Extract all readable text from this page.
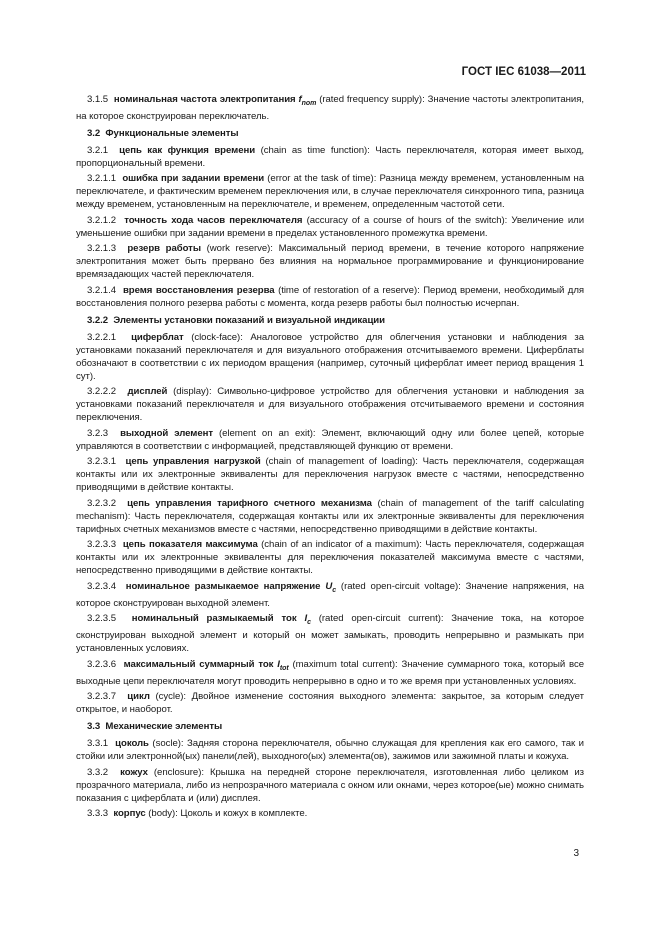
ГОСТ IEC 61038—2011

3.1.5 номинальная частота электропитания $f_{nom}$ (rated frequency supply): Значение частоты электропитания, на которое сконструирован переключатель.

3.2 Функциональные элементы

3.2.1 цепь как функция времени (chain as time function): Часть переключателя, которая имеет выход, пропорциональный времени.

3.2.1.1 ошибка при задании времени (error at the task of time): Разница между временем, установленным на переключателе, и фактическим временем переключения или, в случае переключателя синхронного типа, разница между временем, установленным на переключателе, и временем, определенным частотой сети.

3.2.1.2 точность хода часов переключателя (accuracy of a course of hours of the switch): Увеличение или уменьшение ошибки при задании времени в пределах установленного промежутка времени.

3.2.1.3 резерв работы (work reserve): Максимальный период времени, в течение которого напряжение электропитания может быть прервано без влияния на нормальное программирование и функционирование времязадающих частей переключателя.

3.2.1.4 время восстановления резерва (time of restoration of a reserve): Период времени, необходимый для восстановления полного резерва работы с момента, когда резерв работы был полностью исчерпан.

3.2.2 Элементы установки показаний и визуальной индикации

3.2.2.1 циферблат (clock-face): Аналоговое устройство для облегчения установки и наблюдения за установками показаний переключателя и для визуального отображения отсчитываемого времени. Циферблаты обозначают в соответствии с их периодом вращения (например, суточный циферблат имеет период вращения 1 сут).

3.2.2.2 дисплей (display): Символьно-цифровое устройство для облегчения установки и наблюдения за установками показаний переключателя и для визуального отображения отсчитываемого времени и состояния переключения.

3.2.3 выходной элемент (element on an exit): Элемент, включающий одну или более цепей, которые управляются в соответствии с информацией, представляющей функцию от времени.

3.2.3.1 цепь управления нагрузкой (chain of management of loading): Часть переключателя, содержащая контакты или их электронные эквиваленты для переключения нагрузок вместе с частями, непосредственно приводящими в действие контакты.

3.2.3.2 цепь управления тарифного счетного механизма (chain of management of the tariff calculating mechanism): Часть переключателя, содержащая контакты или их электронные эквиваленты для переключения тарифных счетных механизмов вместе с частями, непосредственно приводящими в действие контакты.

3.2.3.3 цепь показателя максимума (chain of an indicator of a maximum): Часть переключателя, содержащая контакты или их электронные эквиваленты для переключения показателей максимума вместе с частями, непосредственно приводящими в действие контакты.

3.2.3.4 номинальное размыкаемое напряжение $U_c$ (rated open-circuit voltage): Значение напряжения, на которое сконструирован выходной элемент.

3.2.3.5 номинальный размыкаемый ток $I_c$ (rated open-circuit current): Значение тока, на которое сконструирован выходной элемент и который он может замыкать, проводить непрерывно и размыкать при установленных условиях.

3.2.3.6 максимальный суммарный ток $I_{tot}$ (maximum total current): Значение суммарного тока, который все выходные цепи переключателя могут проводить непрерывно в одно и то же время при установленных условиях.

3.2.3.7 цикл (cycle): Двойное изменение состояния выходного элемента: закрытое, за которым следует открытое, и наоборот.

3.3 Механические элементы

3.3.1 цоколь (socle): Задняя сторона переключателя, обычно служащая для крепления как его самого, так и стойки или электронной(ых) панели(лей), выходного(ых) элемента(ов), зажимов или зажимной платы и кожуха.

3.3.2 кожух (enclosure): Крышка на передней стороне переключателя, изготовленная либо целиком из прозрачного материала, либо из непрозрачного материала с окном или окнами, через которое(ые) можно снимать показания с циферблата и (или) дисплея.

3.3.3 корпус (body): Цоколь и кожух в комплекте.

3
